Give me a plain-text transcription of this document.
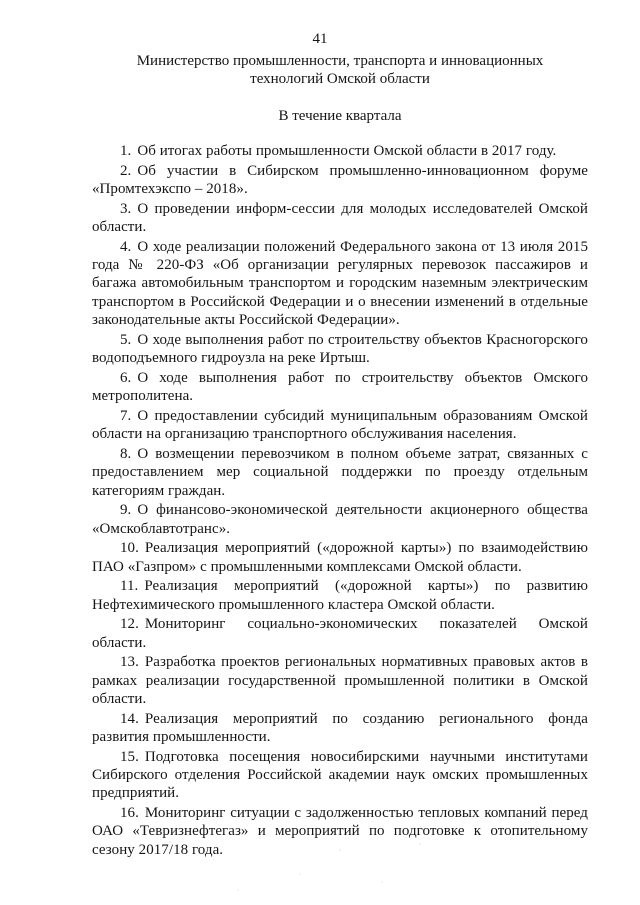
41
Министерство промышленности, транспорта и инновационных
технологий Омской области
В течение квартала

1. Об итогах работы промышленности Омской области в 2017 году.

2. Об участии в Сибирском промышленно-инновационном форуме «Промтехэкспо – 2018».

3. О проведении информ-сессии для молодых исследователей Омской области.

4. О ходе реализации положений Федерального закона от 13 июля 2015 года № 220-ФЗ «Об организации регулярных перевозок пассажиров и багажа автомобильным транспортом и городским наземным электрическим транспортом в Российской Федерации и о внесении изменений в отдельные законодательные акты Российской Федерации».

5. О ходе выполнения работ по строительству объектов Красногорского водоподъемного гидроузла на реке Иртыш.

6. О ходе выполнения работ по строительству объектов Омского метрополитена.

7. О предоставлении субсидий муниципальным образованиям Омской области на организацию транспортного обслуживания населения.

8. О возмещении перевозчиком в полном объеме затрат, связанных с предоставлением мер социальной поддержки по проезду отдельным категориям граждан.

9. О финансово-экономической деятельности акционерного общества «Омскоблавтотранс».

10. Реализация мероприятий («дорожной карты») по взаимодействию ПАО «Газпром» с промышленными комплексами Омской области.

11. Реализация мероприятий («дорожной карты») по развитию Нефтехимического промышленного кластера Омской области.

12. Мониторинг социально-экономических показателей Омской области.

13. Разработка проектов региональных нормативных правовых актов в рамках реализации государственной промышленной политики в Омской области.

14. Реализация мероприятий по созданию регионального фонда развития промышленности.

15. Подготовка посещения новосибирскими научными институтами Сибирского отделения Российской академии наук омских промышленных предприятий.

16. Мониторинг ситуации с задолженностью тепловых компаний перед ОАО «Тевризнефтегаз» и мероприятий по подготовке к отопительному сезону 2017/18 года.
